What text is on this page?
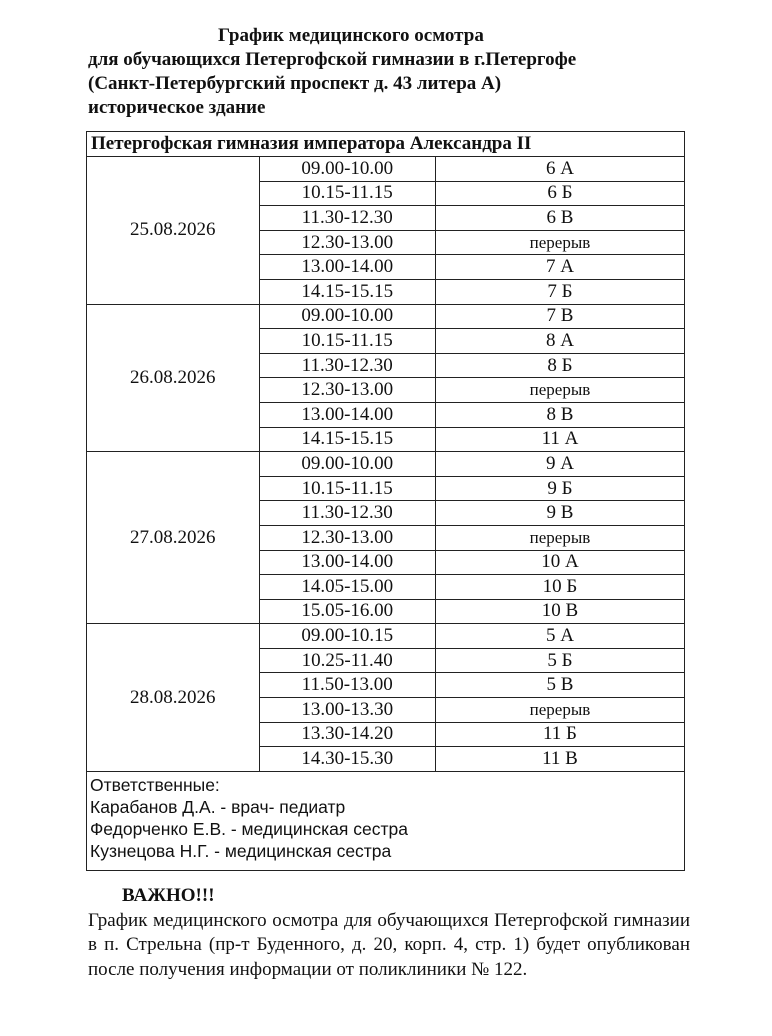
График медицинского осмотра
для обучающихся Петергофской гимназии в г.Петергофе
(Санкт-Петербургский проспект д. 43 литера А)
историческое здание
Петергофская гимназия императора Александра II		
25.08.2026	09.00-10.00	6 А
	10.15-11.15	6 Б
	11.30-12.30	6 В
	12.30-13.00	перерыв
	13.00-14.00	7 А
	14.15-15.15	7 Б
26.08.2026	09.00-10.00	7 В
	10.15-11.15	8 А
	11.30-12.30	8 Б
	12.30-13.00	перерыв
	13.00-14.00	8 В
	14.15-15.15	11 А
27.08.2026	09.00-10.00	9 А
	10.15-11.15	9 Б
	11.30-12.30	9 В
	12.30-13.00	перерыв
	13.00-14.00	10 А
	14.05-15.00	10 Б
	15.05-16.00	10 В
28.08.2026	09.00-10.15	5 А
	10.25-11.40	5 Б
	11.50-13.00	5 В
	13.00-13.30	перерыв
	13.30-14.20	11 Б
	14.30-15.30	11 В

Ответственные:
Карабанов Д.А. - врач- педиатр
Федорченко Е.В. - медицинская сестра
Кузнецова Н.Г. - медицинская сестра		
ВАЖНО!!!
График медицинского осмотра для обучающихся Петергофской гимназии в п. Стрельна (пр-т Буденного, д. 20, корп. 4, стр. 1) будет опубликован после получения информации от поликлиники № 122.
